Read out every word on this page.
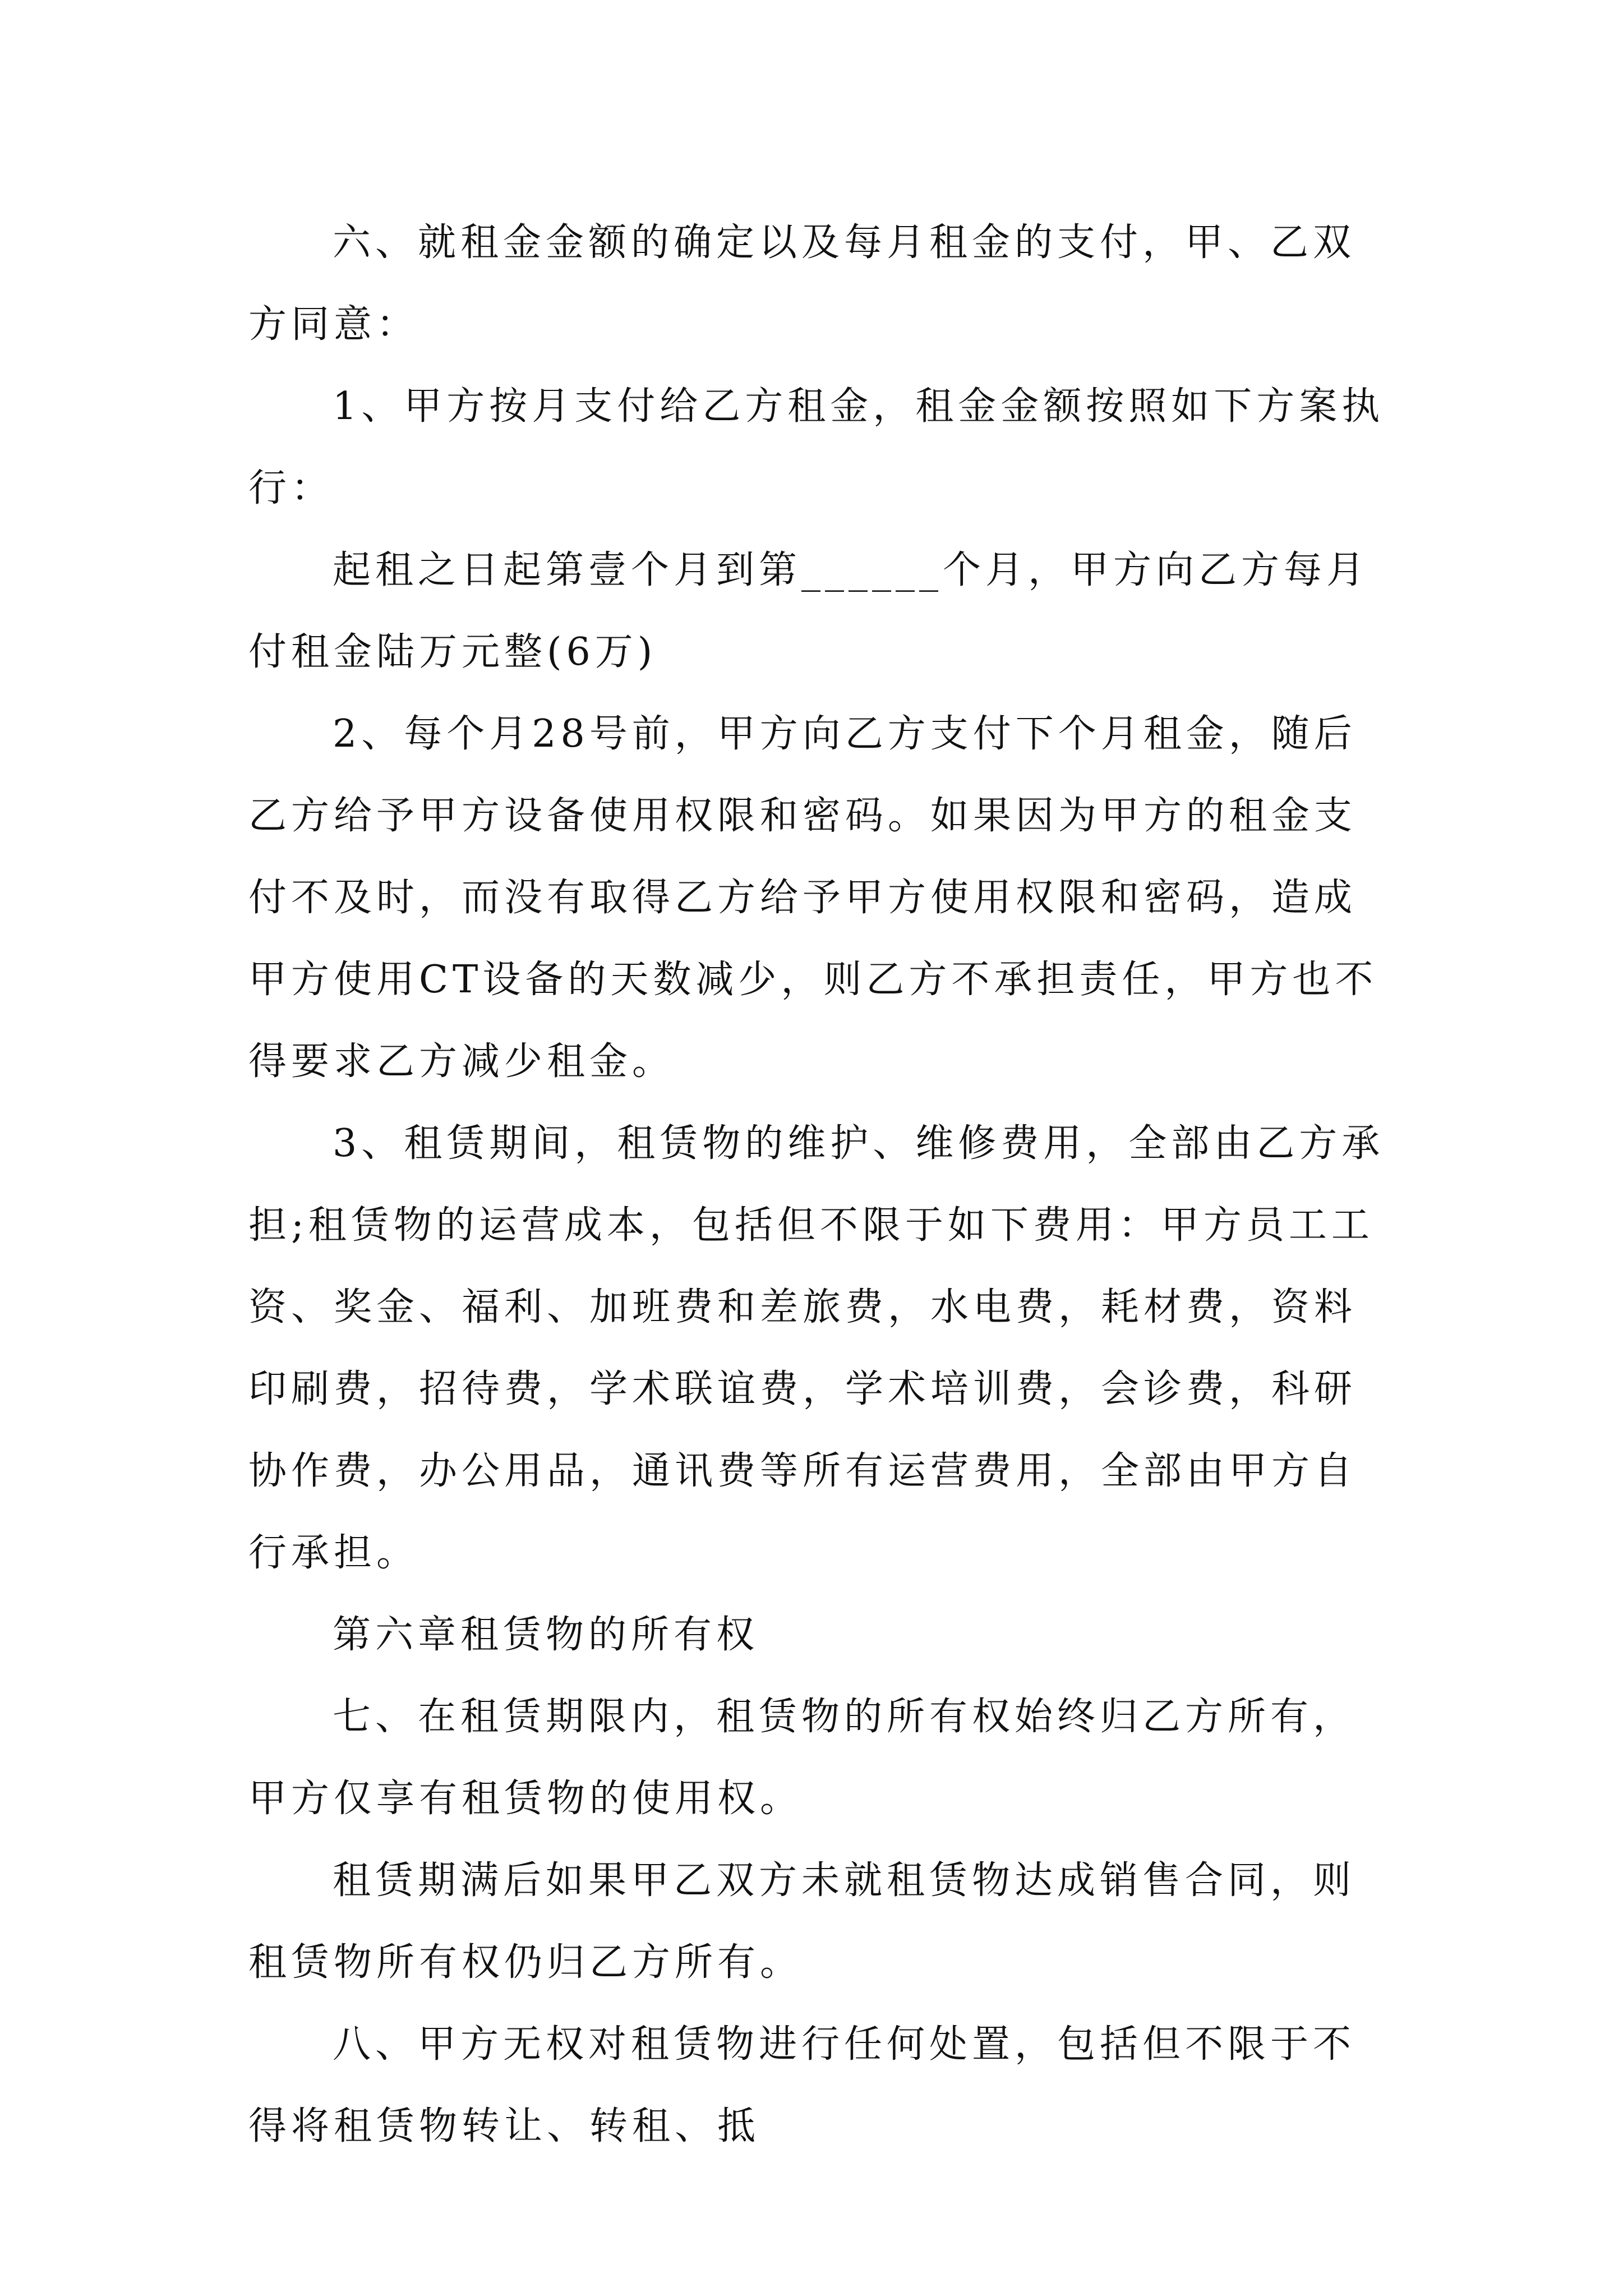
六、就租金金额的确定以及每月租金的支付，甲、乙双方同意：

1、甲方按月支付给乙方租金，租金金额按照如下方案执行：

起租之日起第壹个月到第______个月，甲方向乙方每月付租金陆万元整(6万)

2、每个月28号前，甲方向乙方支付下个月租金，随后乙方给予甲方设备使用权限和密码。如果因为甲方的租金支付不及时，而没有取得乙方给予甲方使用权限和密码，造成甲方使用CT设备的天数减少，则乙方不承担责任，甲方也不得要求乙方减少租金。

3、租赁期间，租赁物的维护、维修费用，全部由乙方承担;租赁物的运营成本，包括但不限于如下费用：甲方员工工资、奖金、福利、加班费和差旅费，水电费，耗材费，资料印刷费，招待费，学术联谊费，学术培训费，会诊费，科研协作费，办公用品，通讯费等所有运营费用，全部由甲方自行承担。

第六章租赁物的所有权

七、在租赁期限内，租赁物的所有权始终归乙方所有，甲方仅享有租赁物的使用权。

租赁期满后如果甲乙双方未就租赁物达成销售合同，则租赁物所有权仍归乙方所有。

八、甲方无权对租赁物进行任何处置，包括但不限于不得将租赁物转让、转租、抵
